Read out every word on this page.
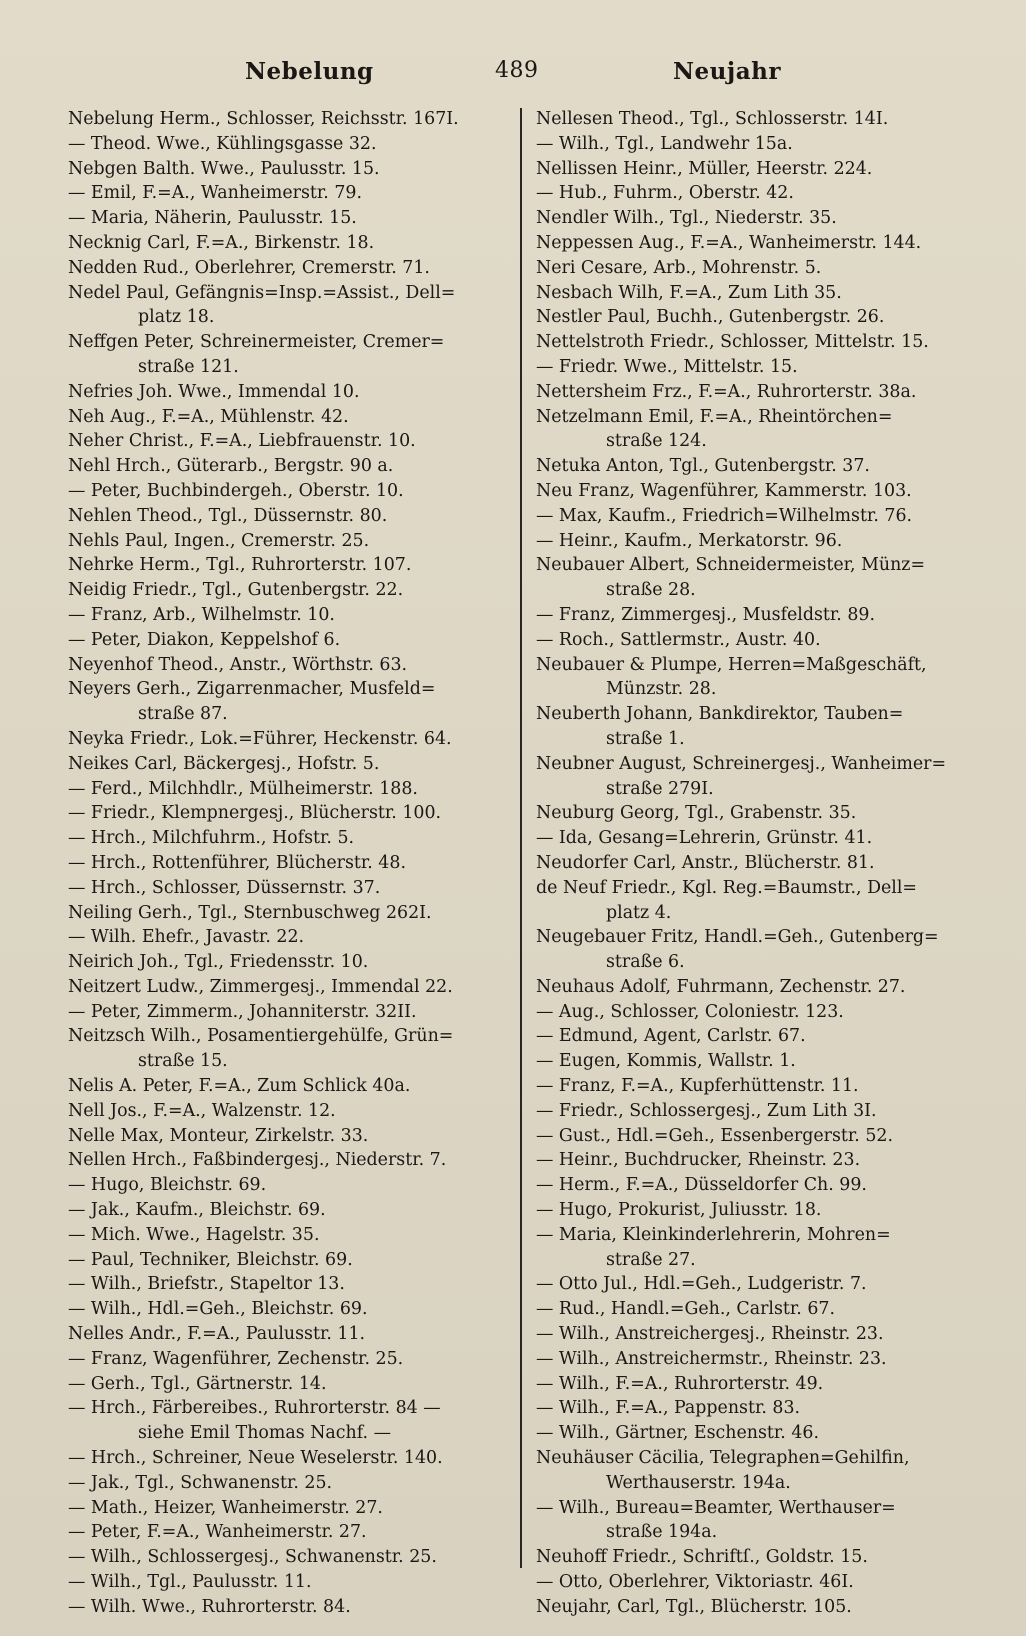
Nebelung	489	Neujahr
Nebelung Herm., Schlosser, Reichsstr. 167I.
— Theod. Wwe., Kühlingsgasse 32.
Nebgen Balth. Wwe., Paulusstr. 15.
— Emil, F.=A., Wanheimerstr. 79.
— Maria, Näherin, Paulusstr. 15.
Necknig Carl, F.=A., Birkenstr. 18.
Nedden Rud., Oberlehrer, Cremerstr. 71.
Nedel Paul, Gefängnis=Insp.=Assist., Dell=
platz 18.
Neffgen Peter, Schreinermeister, Cremer=
straße 121.
Nefries Joh. Wwe., Immendal 10.
Neh Aug., F.=A., Mühlenstr. 42.
Neher Christ., F.=A., Liebfrauenstr. 10.
Nehl Hrch., Güterarb., Bergstr. 90 a.
— Peter, Buchbindergeh., Oberstr. 10.
Nehlen Theod., Tgl., Düssernstr. 80.
Nehls Paul, Ingen., Cremerstr. 25.
Nehrke Herm., Tgl., Ruhrorterstr. 107.
Neidig Friedr., Tgl., Gutenbergstr. 22.
— Franz, Arb., Wilhelmstr. 10.
— Peter, Diakon, Keppelshof 6.
Neyenhof Theod., Anstr., Wörthstr. 63.
Neyers Gerh., Zigarrenmacher, Musfeld=
straße 87.
Neyka Friedr., Lok.=Führer, Heckenstr. 64.
Neikes Carl, Bäckergesj., Hofstr. 5.
— Ferd., Milchhdlr., Mülheimerstr. 188.
— Friedr., Klempnergesj., Blücherstr. 100.
— Hrch., Milchfuhrm., Hofstr. 5.
— Hrch., Rottenführer, Blücherstr. 48.
— Hrch., Schlosser, Düssernstr. 37.
Neiling Gerh., Tgl., Sternbuschweg 262I.
— Wilh. Ehefr., Javastr. 22.
Neirich Joh., Tgl., Friedensstr. 10.
Neitzert Ludw., Zimmergesj., Immendal 22.
— Peter, Zimmerm., Johanniterstr. 32II.
Neitzsch Wilh., Posamentiergehülfe, Grün=
straße 15.
Nelis A. Peter, F.=A., Zum Schlick 40a.
Nell Jos., F.=A., Walzenstr. 12.
Nelle Max, Monteur, Zirkelstr. 33.
Nellen Hrch., Faßbindergesj., Niederstr. 7.
— Hugo, Bleichstr. 69.
— Jak., Kaufm., Bleichstr. 69.
— Mich. Wwe., Hagelstr. 35.
— Paul, Techniker, Bleichstr. 69.
— Wilh., Briefstr., Stapeltor 13.
— Wilh., Hdl.=Geh., Bleichstr. 69.
Nelles Andr., F.=A., Paulusstr. 11.
— Franz, Wagenführer, Zechenstr. 25.
— Gerh., Tgl., Gärtnerstr. 14.
— Hrch., Färbereibes., Ruhrorterstr. 84 —
siehe Emil Thomas Nachf. —
— Hrch., Schreiner, Neue Weselerstr. 140.
— Jak., Tgl., Schwanenstr. 25.
— Math., Heizer, Wanheimerstr. 27.
— Peter, F.=A., Wanheimerstr. 27.
— Wilh., Schlossergesj., Schwanenstr. 25.
— Wilh., Tgl., Paulusstr. 11.
— Wilh. Wwe., Ruhrorterstr. 84.
Nellesen Theod., Tgl., Schlosserstr. 14I.
— Wilh., Tgl., Landwehr 15a.
Nellissen Heinr., Müller, Heerstr. 224.
— Hub., Fuhrm., Oberstr. 42.
Nendler Wilh., Tgl., Niederstr. 35.
Neppessen Aug., F.=A., Wanheimerstr. 144.
Neri Cesare, Arb., Mohrenstr. 5.
Nesbach Wilh, F.=A., Zum Lith 35.
Nestler Paul, Buchh., Gutenbergstr. 26.
Nettelstroth Friedr., Schlosser, Mittelstr. 15.
— Friedr. Wwe., Mittelstr. 15.
Nettersheim Frz., F.=A., Ruhrorterstr. 38a.
Netzelmann Emil, F.=A., Rheintörchen=
straße 124.
Netuka Anton, Tgl., Gutenbergstr. 37.
Neu Franz, Wagenführer, Kammerstr. 103.
— Max, Kaufm., Friedrich=Wilhelmstr. 76.
— Heinr., Kaufm., Merkatorstr. 96.
Neubauer Albert, Schneidermeister, Münz=
straße 28.
— Franz, Zimmergesj., Musfeldstr. 89.
— Roch., Sattlermstr., Austr. 40.
Neubauer & Plumpe, Herren=Maßgeschäft,
Münzstr. 28.
Neuberth Johann, Bankdirektor, Tauben=
straße 1.
Neubner August, Schreinergesj., Wanheimer=
straße 279I.
Neuburg Georg, Tgl., Grabenstr. 35.
— Ida, Gesang=Lehrerin, Grünstr. 41.
Neudorfer Carl, Anstr., Blücherstr. 81.
de Neuf Friedr., Kgl. Reg.=Baumstr., Dell=
platz 4.
Neugebauer Fritz, Handl.=Geh., Gutenberg=
straße 6.
Neuhaus Adolf, Fuhrmann, Zechenstr. 27.
— Aug., Schlosser, Coloniestr. 123.
— Edmund, Agent, Carlstr. 67.
— Eugen, Kommis, Wallstr. 1.
— Franz, F.=A., Kupferhüttenstr. 11.
— Friedr., Schlossergesj., Zum Lith 3I.
— Gust., Hdl.=Geh., Essenbergerstr. 52.
— Heinr., Buchdrucker, Rheinstr. 23.
— Herm., F.=A., Düsseldorfer Ch. 99.
— Hugo, Prokurist, Juliusstr. 18.
— Maria, Kleinkinderlehrerin, Mohren=
straße 27.
— Otto Jul., Hdl.=Geh., Ludgeristr. 7.
— Rud., Handl.=Geh., Carlstr. 67.
— Wilh., Anstreichergesj., Rheinstr. 23.
— Wilh., Anstreichermstr., Rheinstr. 23.
— Wilh., F.=A., Ruhrorterstr. 49.
— Wilh., F.=A., Pappenstr. 83.
— Wilh., Gärtner, Eschenstr. 46.
Neuhäuser Cäcilia, Telegraphen=Gehilfin,
Werthauserstr. 194a.
— Wilh., Bureau=Beamter, Werthauser=
straße 194a.
Neuhoff Friedr., Schriftſ., Goldstr. 15.
— Otto, Oberlehrer, Viktoriastr. 46I.
Neujahr, Carl, Tgl., Blücherstr. 105.
